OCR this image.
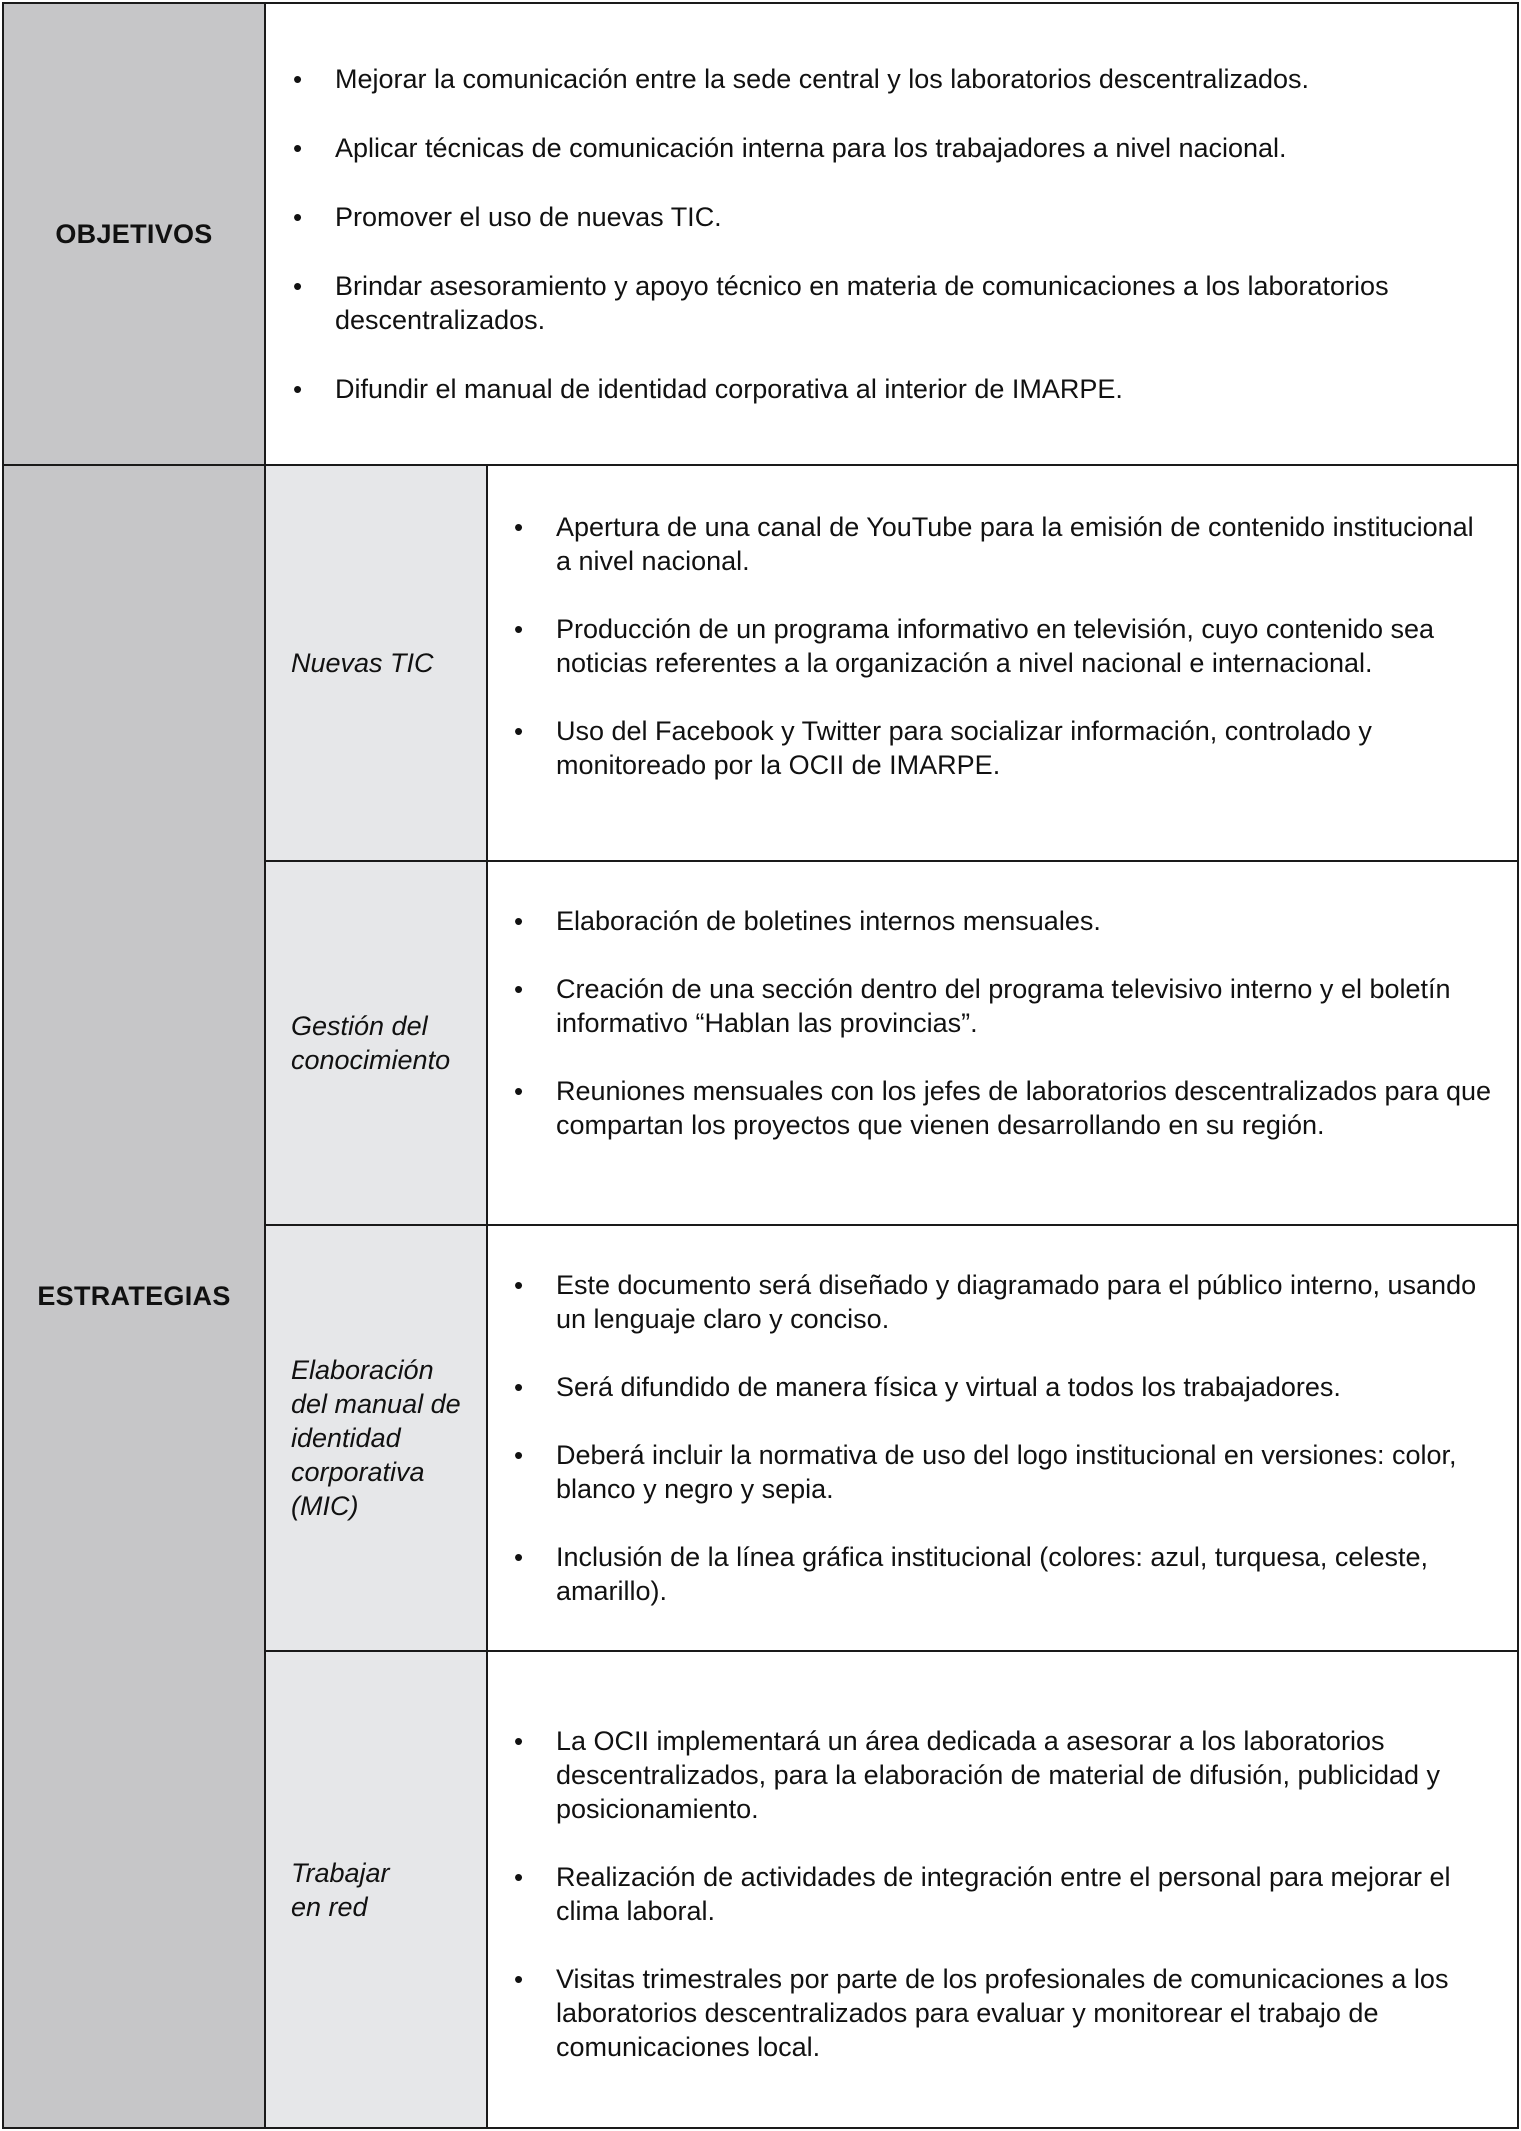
OBJETIVOS
• Mejorar la comunicación entre la sede central y los laboratorios descentralizados.
• Aplicar técnicas de comunicación interna para los trabajadores a nivel nacional.
• Promover el uso de nuevas TIC.
• Brindar asesoramiento y apoyo técnico en materia de comunicaciones a los laboratorios descentralizados.
• Difundir el manual de identidad corporativa al interior de IMARPE.
ESTRATEGIAS
Nuevas TIC
• Apertura de una canal de YouTube para la emisión de contenido institucional a nivel nacional.
• Producción de un programa informativo en televisión, cuyo contenido sea noticias referentes a la organización a nivel nacional e internacional.
• Uso del Facebook y Twitter para socializar información, controlado y monitoreado por la OCII de IMARPE.
Gestión del conocimiento
• Elaboración de boletines internos mensuales.
• Creación de una sección dentro del programa televisivo interno y el boletín informativo “Hablan las provincias”.
• Reuniones mensuales con los jefes de laboratorios descentralizados para que compartan los proyectos que vienen desarrollando en su región.
Elaboración del manual de identidad corporativa (MIC)
• Este documento será diseñado y diagramado para el público interno, usando un lenguaje claro y conciso.
• Será difundido de manera física y virtual a todos los trabajadores.
• Deberá incluir la normativa de uso del logo institucional en versiones: color, blanco y negro y sepia.
• Inclusión de la línea gráfica institucional (colores: azul, turquesa, celeste, amarillo).
Trabajar en red
• La OCII implementará un área dedicada a asesorar a los laboratorios descentralizados, para la elaboración de material de difusión, publicidad y posicionamiento.
• Realización de actividades de integración entre el personal para mejorar el clima laboral.
• Visitas trimestrales por parte de los profesionales de comunicaciones a los laboratorios descentralizados para evaluar y monitorear el trabajo de comunicaciones local.
